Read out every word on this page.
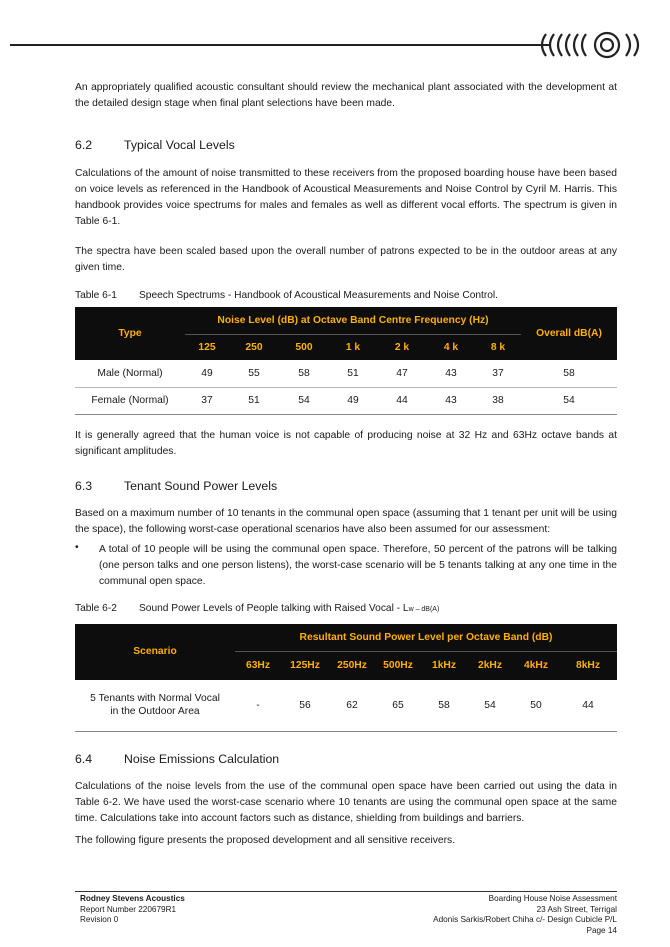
An appropriately qualified acoustic consultant should review the mechanical plant associated with the development at the detailed design stage when final plant selections have been made.

6.2	Typical Vocal Levels

Calculations of the amount of noise transmitted to these receivers from the proposed boarding house have been based on voice levels as referenced in the Handbook of Acoustical Measurements and Noise Control by Cyril M. Harris. This handbook provides voice spectrums for males and females as well as different vocal efforts. The spectrum is given in Table 6-1.

The spectra have been scaled based upon the overall number of patrons expected to be in the outdoor areas at any given time.

Table 6-1	Speech Spectrums - Handbook of Acoustical Measurements and Noise Control.
Type	Noise Level (dB) at Octave Band Centre Frequency (Hz)							Overall dB(A)
	125	250	500	1 k	2 k	4 k	8 k	
Male (Normal)	49	55	58	51	47	43	37	58
Female (Normal)	37	51	54	49	44	43	38	54

It is generally agreed that the human voice is not capable of producing noise at 32 Hz and 63Hz octave bands at significant amplitudes.

6.3	Tenant Sound Power Levels

Based on a maximum number of 10 tenants in the communal open space (assuming that 1 tenant per unit will be using the space), the following worst-case operational scenarios have also been assumed for our assessment:

•	A total of 10 people will be using the communal open space. Therefore, 50 percent of the patrons will be talking (one person talks and one person listens), the worst-case scenario will be 5 tenants talking at any one time in the communal open space.

Table 6-2	Sound Power Levels of People talking with Raised Vocal - Lw – dB(A)
Scenario	Resultant Sound Power Level per Octave Band (dB)							
	63Hz	125Hz	250Hz	500Hz	1kHz	2kHz	4kHz	8kHz

5 Tenants with Normal Vocal
in the Outdoor Area	-	56	62	65	58	54	50	44
6.4	Noise Emissions Calculation

Calculations of the noise levels from the use of the communal open space have been carried out using the data in Table 6-2. We have used the worst-case scenario where 10 tenants are using the communal open space at the same time. Calculations take into account factors such as distance, shielding from buildings and barriers.

The following figure presents the proposed development and all sensitive receivers.

Rodney Stevens Acoustics
Report Number 220679R1
Revision 0
Boarding House Noise Assessment
23 Ash Street, Terrigal
Adonis Sarkis/Robert Chiha c/- Design Cubicle P/L
Page 14
